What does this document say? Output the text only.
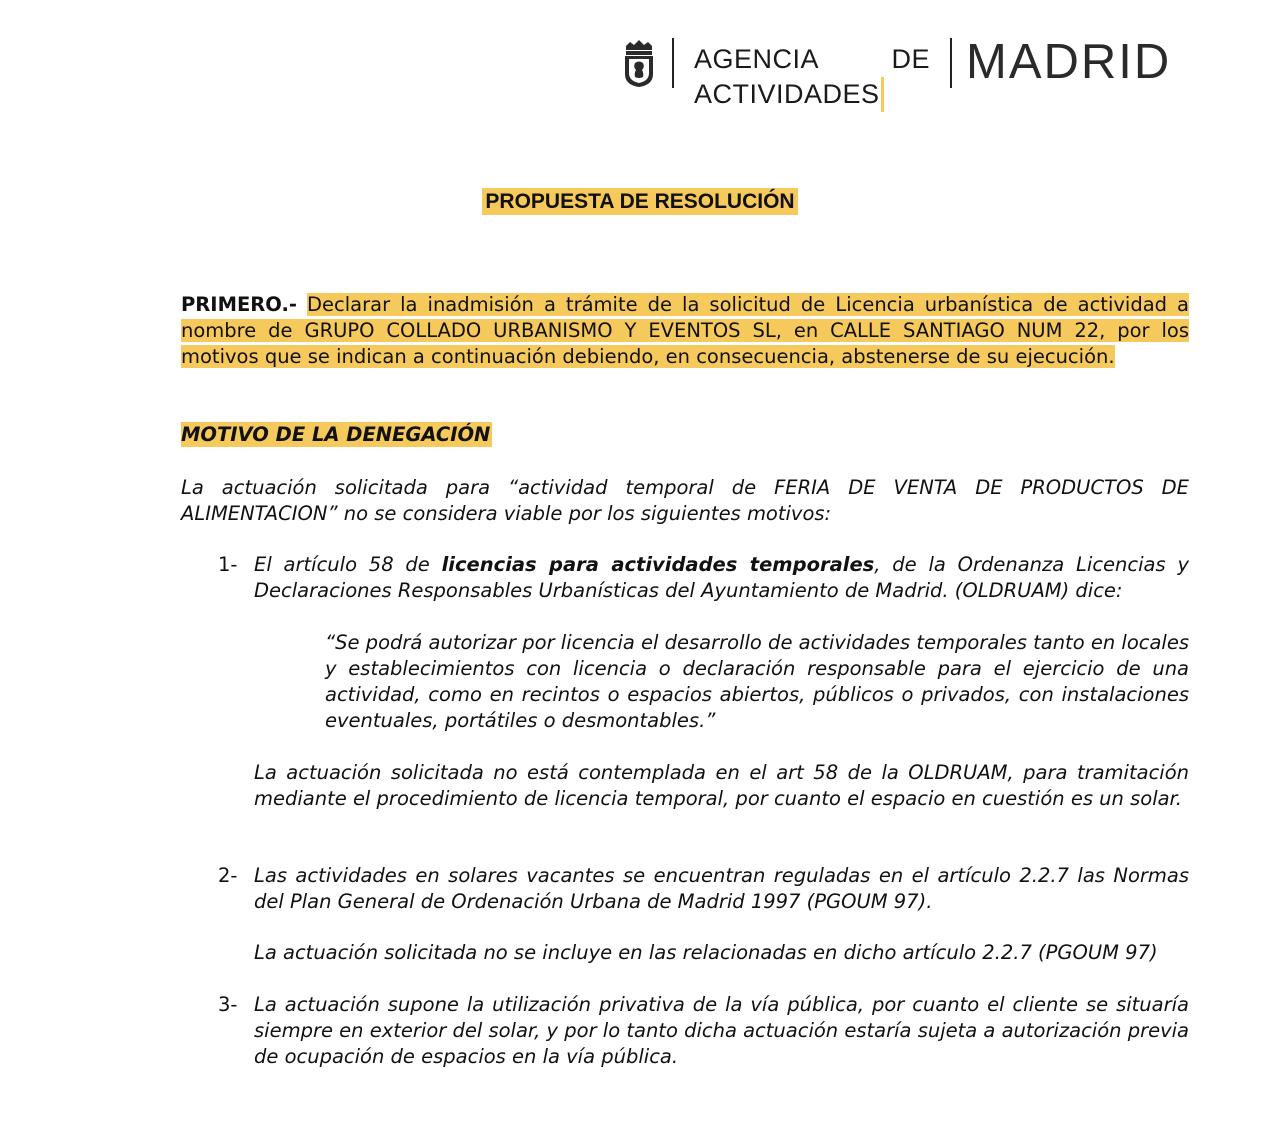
AGENCIA DE
ACTIVIDADES
MADRID
PROPUESTA DE RESOLUCIÓN
PRIMERO.- Declarar la inadmisión a trámite de la solicitud de Licencia urbanística de actividad a nombre de GRUPO COLLADO URBANISMO Y EVENTOS SL, en CALLE SANTIAGO NUM 22, por los motivos que se indican a continuación debiendo, en consecuencia, abstenerse de su ejecución.
MOTIVO DE LA DENEGACIÓN
La actuación solicitada para “actividad temporal de FERIA DE VENTA DE PRODUCTOS DE ALIMENTACION” no se considera viable por los siguientes motivos:
1- El artículo 58 de licencias para actividades temporales, de la Ordenanza Licencias y Declaraciones Responsables Urbanísticas del Ayuntamiento de Madrid. (OLDRUAM) dice:
“Se podrá autorizar por licencia el desarrollo de actividades temporales tanto en locales y establecimientos con licencia o declaración responsable para el ejercicio de una actividad, como en recintos o espacios abiertos, públicos o privados, con instalaciones eventuales, portátiles o desmontables.”
La actuación solicitada no está contemplada en el art 58 de la OLDRUAM, para tramitación mediante el procedimiento de licencia temporal, por cuanto el espacio en cuestión es un solar.
2- Las actividades en solares vacantes se encuentran reguladas en el artículo 2.2.7 las Normas del Plan General de Ordenación Urbana de Madrid 1997 (PGOUM 97).
La actuación solicitada no se incluye en las relacionadas en dicho artículo 2.2.7 (PGOUM 97)
3- La actuación supone la utilización privativa de la vía pública, por cuanto el cliente se situaría siempre en exterior del solar, y por lo tanto dicha actuación estaría sujeta a autorización previa de ocupación de espacios en la vía pública.
